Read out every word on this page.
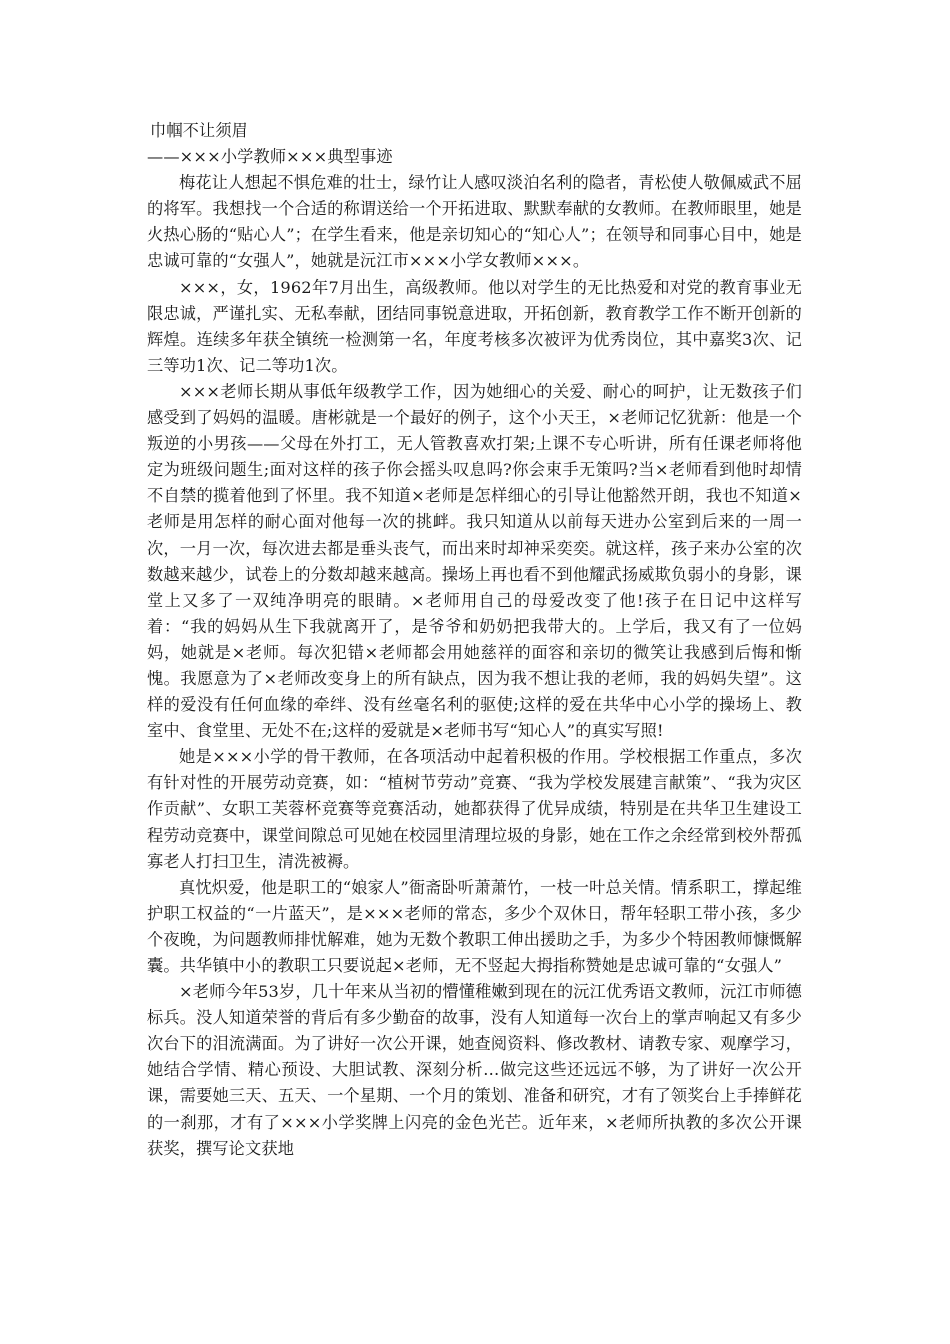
巾帼不让须眉

——×××小学教师×××典型事迹

梅花让人想起不惧危难的壮士，绿竹让人感叹淡泊名利的隐者，青松使人敬佩威武不屈的将军。我想找一个合适的称谓送给一个开拓进取、默默奉献的女教师。在教师眼里，她是火热心肠的“贴心人”；在学生看来，他是亲切知心的“知心人”；在领导和同事心目中，她是忠诚可靠的“女强人”，她就是沅江市×××小学女教师×××。

×××，女，1962年7月出生，高级教师。他以对学生的无比热爱和对党的教育事业无限忠诚，严谨扎实、无私奉献，团结同事锐意进取，开拓创新，教育教学工作不断开创新的辉煌。连续多年获全镇统一检测第一名，年度考核多次被评为优秀岗位，其中嘉奖3次、记三等功1次、记二等功1次。

×××老师长期从事低年级教学工作，因为她细心的关爱、耐心的呵护，让无数孩子们感受到了妈妈的温暖。唐彬就是一个最好的例子，这个小天王，×老师记忆犹新：他是一个叛逆的小男孩——父母在外打工，无人管教喜欢打架;上课不专心听讲，所有任课老师将他定为班级问题生;面对这样的孩子你会摇头叹息吗?你会束手无策吗?当×老师看到他时却情不自禁的揽着他到了怀里。我不知道×老师是怎样细心的引导让他豁然开朗，我也不知道×老师是用怎样的耐心面对他每一次的挑衅。我只知道从以前每天进办公室到后来的一周一次，一月一次，每次进去都是垂头丧气，而出来时却神采奕奕。就这样，孩子来办公室的次数越来越少，试卷上的分数却越来越高。操场上再也看不到他耀武扬威欺负弱小的身影，课堂上又多了一双纯净明亮的眼睛。×老师用自己的母爱改变了他!孩子在日记中这样写着：“我的妈妈从生下我就离开了，是爷爷和奶奶把我带大的。上学后，我又有了一位妈妈，她就是×老师。每次犯错×老师都会用她慈祥的面容和亲切的微笑让我感到后悔和惭愧。我愿意为了×老师改变身上的所有缺点，因为我不想让我的老师，我的妈妈失望”。这样的爱没有任何血缘的牵绊、没有丝毫名利的驱使;这样的爱在共华中心小学的操场上、教室中、食堂里、无处不在;这样的爱就是×老师书写“知心人”的真实写照!

她是×××小学的骨干教师，在各项活动中起着积极的作用。学校根据工作重点，多次有针对性的开展劳动竞赛，如：“植树节劳动”竞赛、“我为学校发展建言献策”、“我为灾区作贡献”、女职工芙蓉杯竞赛等竞赛活动，她都获得了优异成绩，特别是在共华卫生建设工程劳动竞赛中，课堂间隙总可见她在校园里清理垃圾的身影，她在工作之余经常到校外帮孤寡老人打扫卫生，清洗被褥。

真忱炽爱，他是职工的“娘家人”衙斋卧听萧萧竹，一枝一叶总关情。情系职工，撑起维护职工权益的“一片蓝天”，是×××老师的常态，多少个双休日，帮年轻职工带小孩，多少个夜晚，为问题教师排忧解难，她为无数个教职工伸出援助之手，为多少个特困教师慷慨解囊。共华镇中小的教职工只要说起×老师，无不竖起大拇指称赞她是忠诚可靠的“女强人”

×老师今年53岁，几十年来从当初的懵懂稚嫩到现在的沅江优秀语文教师，沅江市师德标兵。没人知道荣誉的背后有多少勤奋的故事，没有人知道每一次台上的掌声响起又有多少次台下的泪流满面。为了讲好一次公开课，她查阅资料、修改教材、请教专家、观摩学习，她结合学情、精心预设、大胆试教、深刻分析…做完这些还远远不够，为了讲好一次公开课，需要她三天、五天、一个星期、一个月的策划、准备和研究，才有了领奖台上手捧鲜花的一刹那，才有了×××小学奖牌上闪亮的金色光芒。近年来，×老师所执教的多次公开课获奖，撰写论文获地
